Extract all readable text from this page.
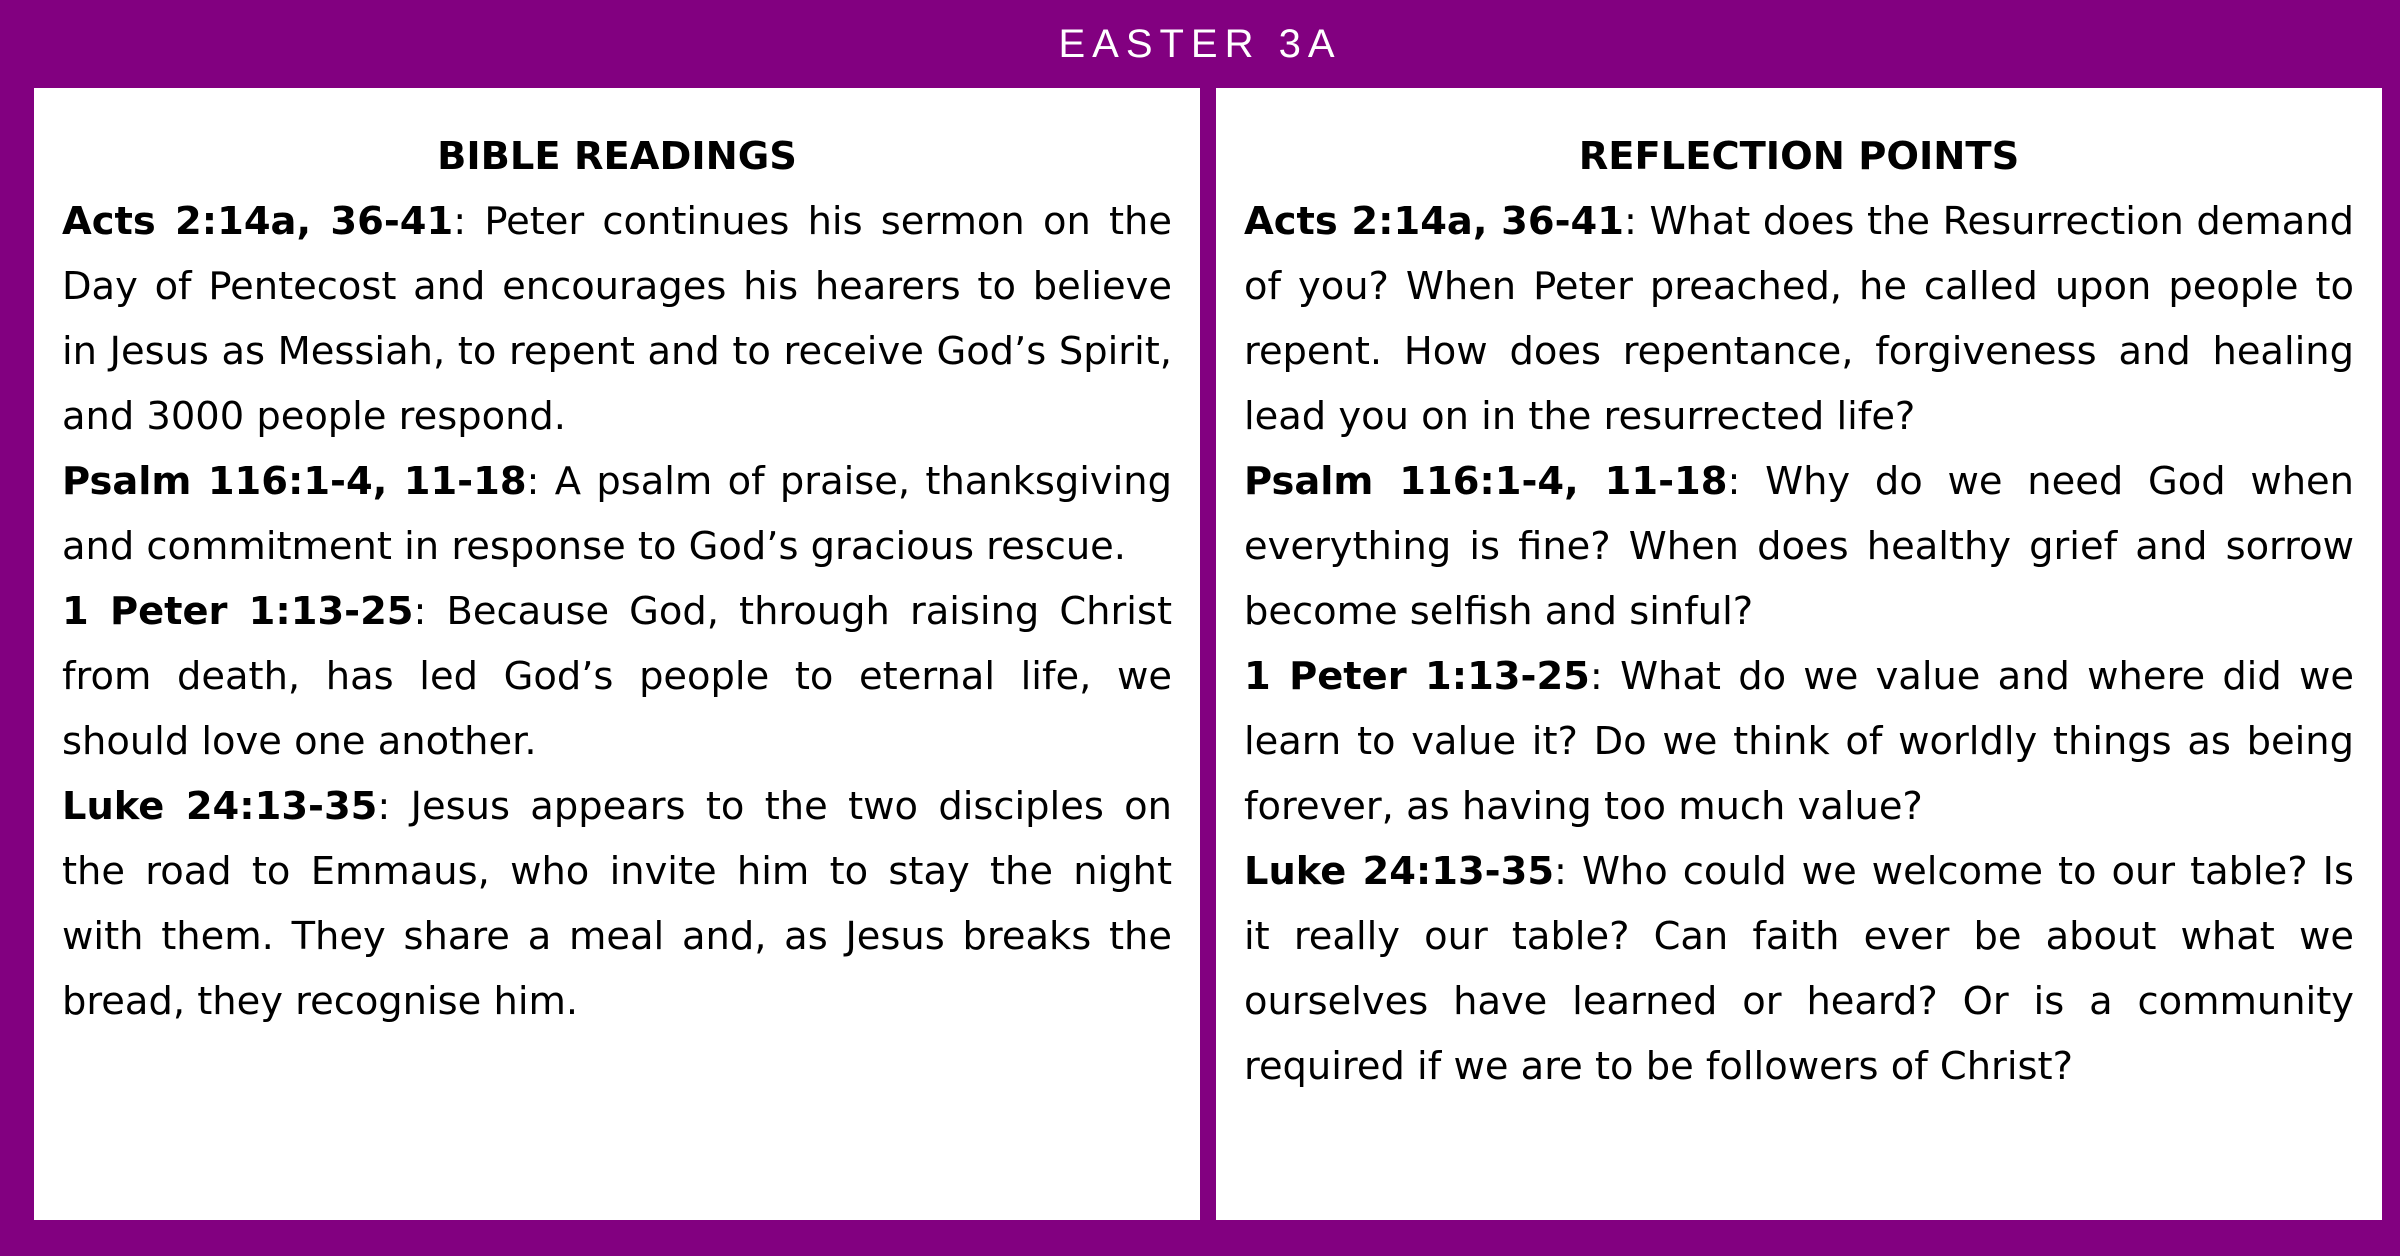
EASTER 3A

BIBLE READINGS

Acts 2:14a, 36-41: Peter continues his sermon on the Day of Pentecost and encourages his hearers to believe in Jesus as Messiah, to repent and to receive God’s Spirit, and 3000 people respond.

Psalm 116:1-4, 11-18: A psalm of praise, thanksgiving and commitment in response to God’s gracious rescue.

1 Peter 1:13-25: Because God, through raising Christ from death, has led God’s people to eternal life, we should love one another.

Luke 24:13-35: Jesus appears to the two disciples on the road to Emmaus, who invite him to stay the night with them. They share a meal and, as Jesus breaks the bread, they recognise him.

REFLECTION POINTS

Acts 2:14a, 36-41: What does the Resurrection demand of you? When Peter preached, he called upon people to repent. How does repentance, forgiveness and healing lead you on in the resurrected life?

Psalm 116:1-4, 11-18: Why do we need God when everything is fine? When does healthy grief and sorrow become selfish and sinful?

1 Peter 1:13-25: What do we value and where did we learn to value it? Do we think of worldly things as being forever, as having too much value?

Luke 24:13-35: Who could we welcome to our table? Is it really our table? Can faith ever be about what we ourselves have learned or heard? Or is a community required if we are to be followers of Christ?
